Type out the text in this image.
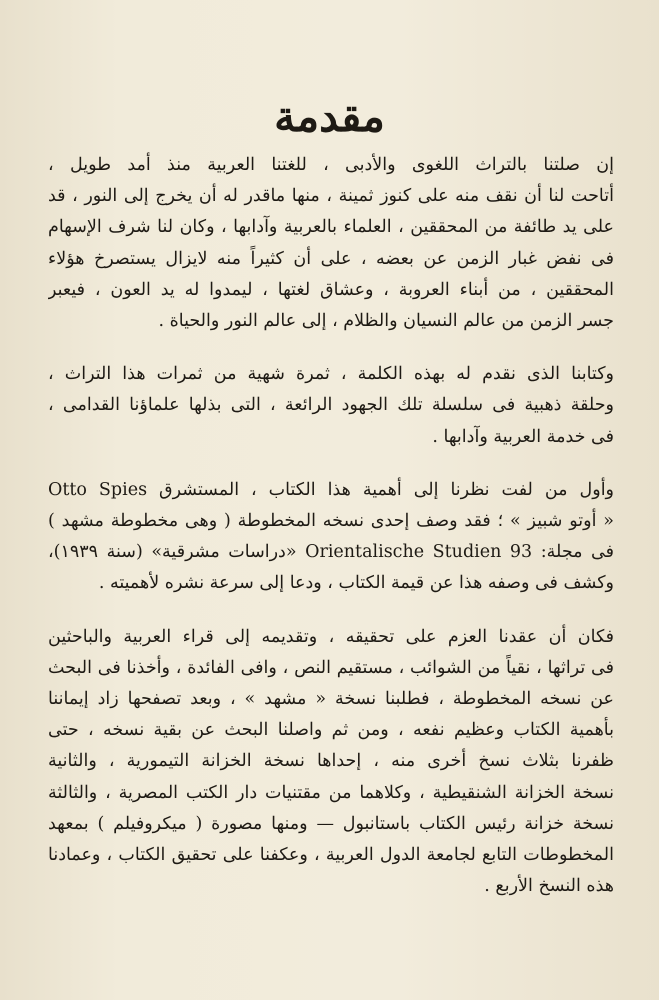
مقدمة
إن صلتنا بالتراث اللغوى والأدبى ، للغتنا العربية منذ أمد طويل ،
أتاحت لنا أن نقف منه على كنوز ثمينة ، منها ماقدر له أن يخرج إلى النور ، قد
على يد طائفة من المحققين ، العلماء بالعربية وآدابها ، وكان لنا شرف الإسهام
فى نفض غبار الزمن عن بعضه ، على أن كثيراً منه لايزال يستصرخ هؤلاء
المحققين ، من أبناء العروبة ، وعشاق لغتها ، ليمدوا له يد العون ، فيعبر
جسر الزمن من عالم النسيان والظلام ، إلى عالم النور والحياة .
وكتابنا الذى نقدم له بهذه الكلمة ، ثمرة شهية من ثمرات هذا التراث ،
وحلقة ذهبية فى سلسلة تلك الجهود الرائعة ، التى بذلها علماؤنا القدامى ،
فى خدمة العربية وآدابها .
وأول من لفت نظرنا إلى أهمية هذا الكتاب ، المستشرق Otto Spies
« أوتو شبيز » ؛ فقد وصف إحدى نسخه المخطوطة ( وهى مخطوطة مشهد )
فى مجلة: Orientalische Studien 93 «دراسات مشرقية» (سنة ١٩٣٩)،
وكشف فى وصفه هذا عن قيمة الكتاب ، ودعا إلى سرعة نشره لأهميته .
فكان أن عقدنا العزم على تحقيقه ، وتقديمه إلى قراء العربية والباحثين
فى تراثها ، نقياً من الشوائب ، مستقيم النص ، وافى الفائدة ، وأخذنا فى البحث
عن نسخه المخطوطة ، فطلبنا نسخة « مشهد » ، وبعد تصفحها زاد إيماننا
بأهمية الكتاب وعظيم نفعه ، ومن ثم واصلنا البحث عن بقية نسخه ، حتى
ظفرنا بثلاث نسخ أخرى منه ، إحداها نسخة الخزانة التيمورية ، والثانية
نسخة الخزانة الشنقيطية ، وكلاهما من مقتنيات دار الكتب المصرية ، والثالثة
نسخة خزانة رئيس الكتاب باستانبول — ومنها مصورة ( ميكروفيلم ) بمعهد
المخطوطات التابع لجامعة الدول العربية ، وعكفنا على تحقيق الكتاب ، وعمادنا
هذه النسخ الأربع .
